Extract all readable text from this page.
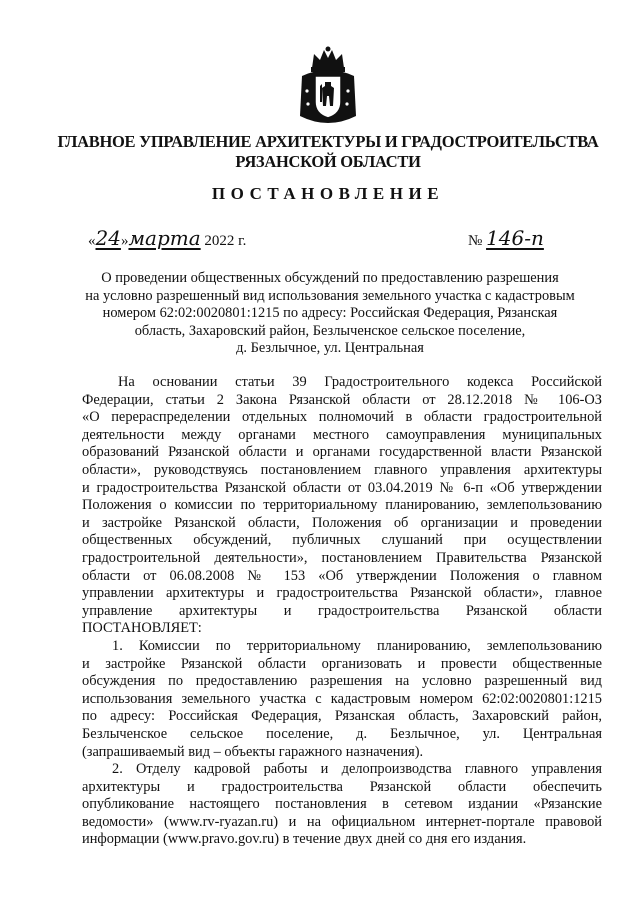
ГЛАВНОЕ УПРАВЛЕНИЕ АРХИТЕКТУРЫ И ГРАДОСТРОИТЕЛЬСТВА
РЯЗАНСКОЙ ОБЛАСТИ
ПОСТАНОВЛЕНИЕ
«24»марта 2022 г.	№ 146-п
О проведении общественных обсуждений по предоставлению разрешения
на условно разрешенный вид использования земельного участка с кадастровым
номером 62:02:0020801:1215 по адресу: Российская Федерация, Рязанская
область, Захаровский район, Безлыченское сельское поселение,
д. Безлычное, ул. Центральная
На основании статьи 39 Градостроительного кодекса Российской
Федерации, статьи 2 Закона Рязанской области от 28.12.2018 № 106-ОЗ
«О перераспределении отдельных полномочий в области градостроительной
деятельности между органами местного самоуправления муниципальных
образований Рязанской области и органами государственной власти Рязанской
области», руководствуясь постановлением главного управления архитектуры
и градостроительства Рязанской области от 03.04.2019 № 6-п «Об утверждении
Положения о комиссии по территориальному планированию, землепользованию
и застройке Рязанской области, Положения об организации и проведении
общественных обсуждений, публичных слушаний при осуществлении
градостроительной деятельности», постановлением Правительства Рязанской
области от 06.08.2008 № 153 «Об утверждении Положения о главном
управлении архитектуры и градостроительства Рязанской области», главное
управление архитектуры и градостроительства Рязанской области
ПОСТАНОВЛЯЕТ:
1. Комиссии по территориальному планированию, землепользованию
и застройке Рязанской области организовать и провести общественные
обсуждения по предоставлению разрешения на условно разрешенный вид
использования земельного участка с кадастровым номером 62:02:0020801:1215
по адресу: Российская Федерация, Рязанская область, Захаровский район,
Безлыченское сельское поселение, д. Безлычное, ул. Центральная
(запрашиваемый вид – объекты гаражного назначения).
2. Отделу кадровой работы и делопроизводства главного управления
архитектуры и градостроительства Рязанской области обеспечить
опубликование настоящего постановления в сетевом издании «Рязанские
ведомости» (www.rv-ryazan.ru) и на официальном интернет-портале правовой
информации (www.pravo.gov.ru) в течение двух дней со дня его издания.
